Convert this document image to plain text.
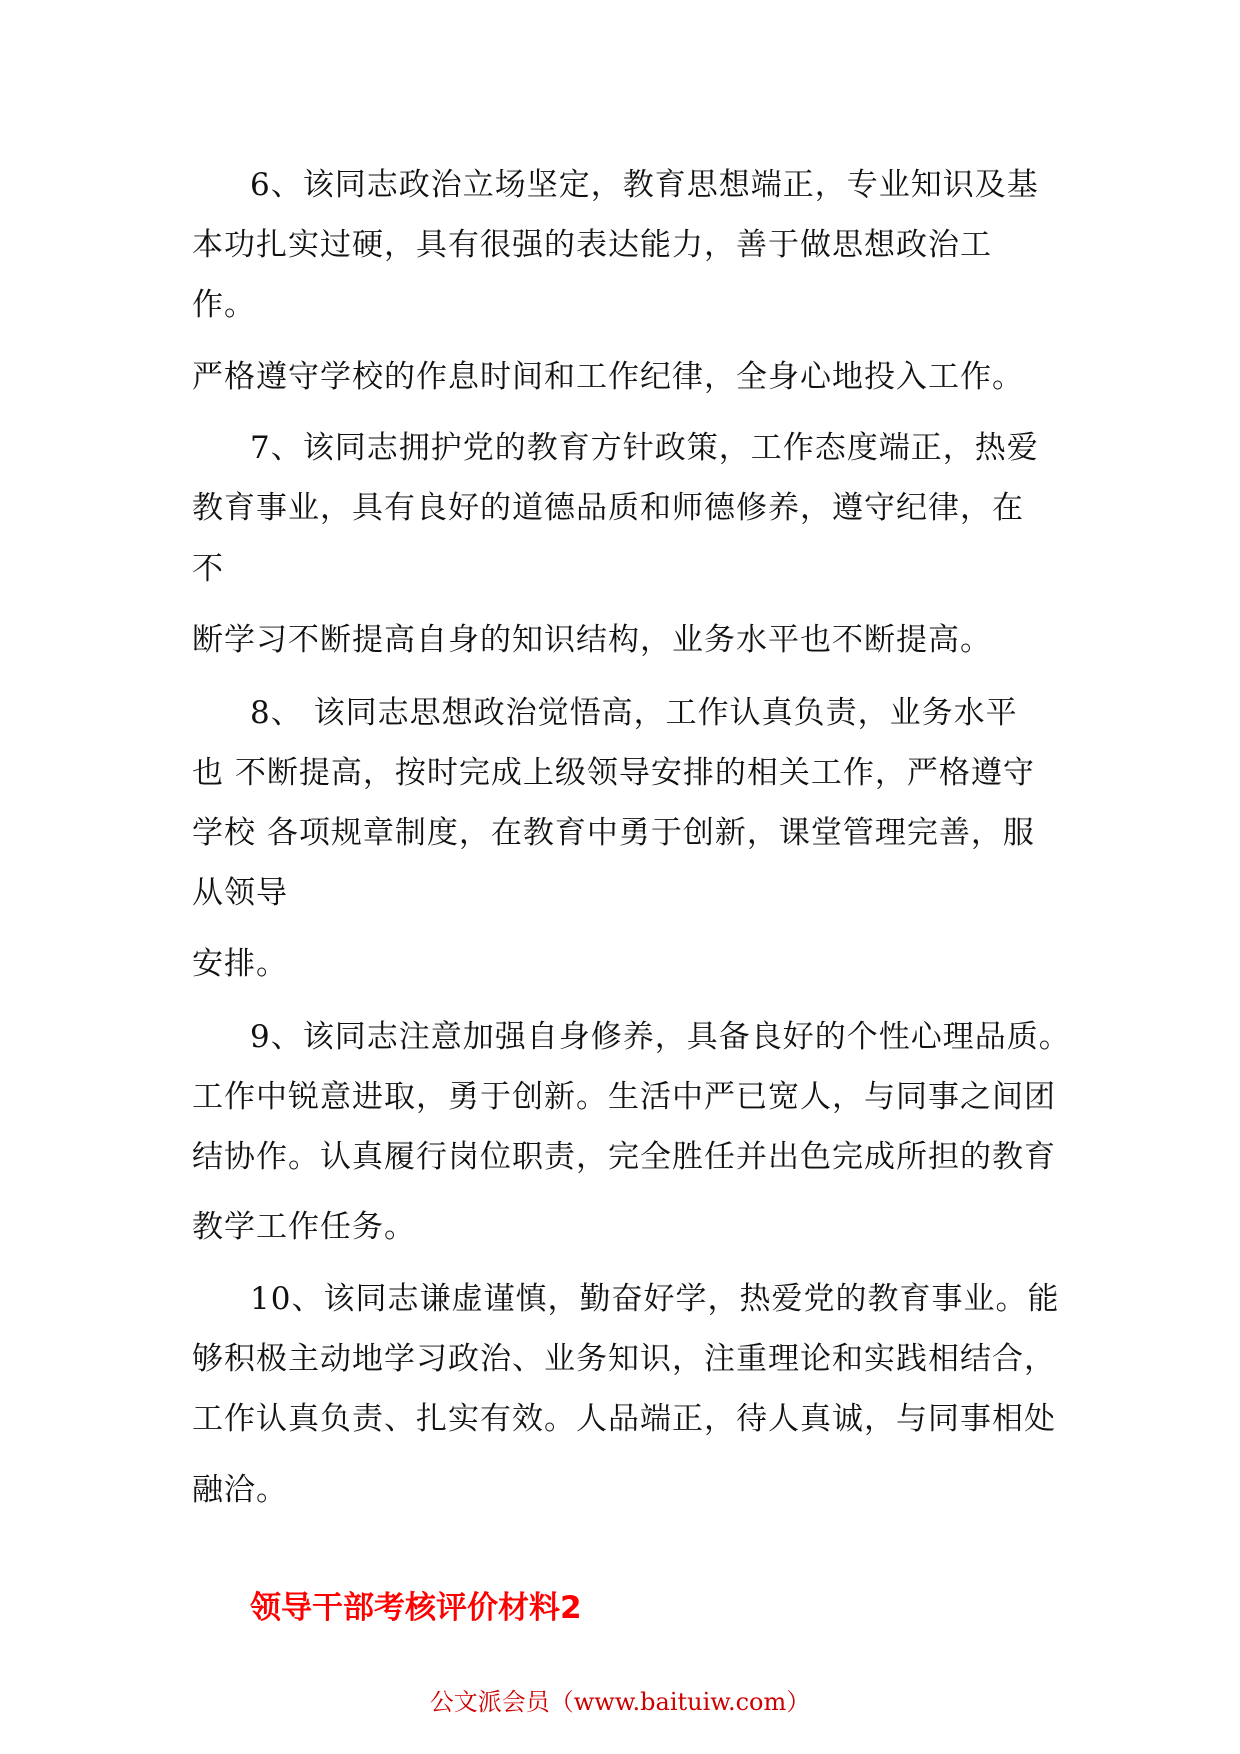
6、该同志政治立场坚定，教育思想端正，专业知识及基
本功扎实过硬，具有很强的表达能力，善于做思想政治工
作。
严格遵守学校的作息时间和工作纪律，全身心地投入工作。
7、该同志拥护党的教育方针政策，工作态度端正，热爱
教育事业，具有良好的道德品质和师德修养，遵守纪律，在
不
断学习不断提高自身的知识结构，业务水平也不断提高。
8、 该同志思想政治觉悟高，工作认真负责，业务水平
也 不断提高，按时完成上级领导安排的相关工作，严格遵守
学校 各项规章制度，在教育中勇于创新，课堂管理完善，服
从领导
安排。
9、该同志注意加强自身修养，具备良好的个性心理品质。
工作中锐意进取，勇于创新。生活中严已宽人，与同事之间团
结协作。认真履行岗位职责，完全胜任并出色完成所担的教育
教学工作任务。
10、该同志谦虚谨慎，勤奋好学，热爱党的教育事业。能
够积极主动地学习政治、业务知识，注重理论和实践相结合，
工作认真负责、扎实有效。人品端正，待人真诚，与同事相处
融洽。
领导干部考核评价材料2
公文派会员（www.baituiw.com）
